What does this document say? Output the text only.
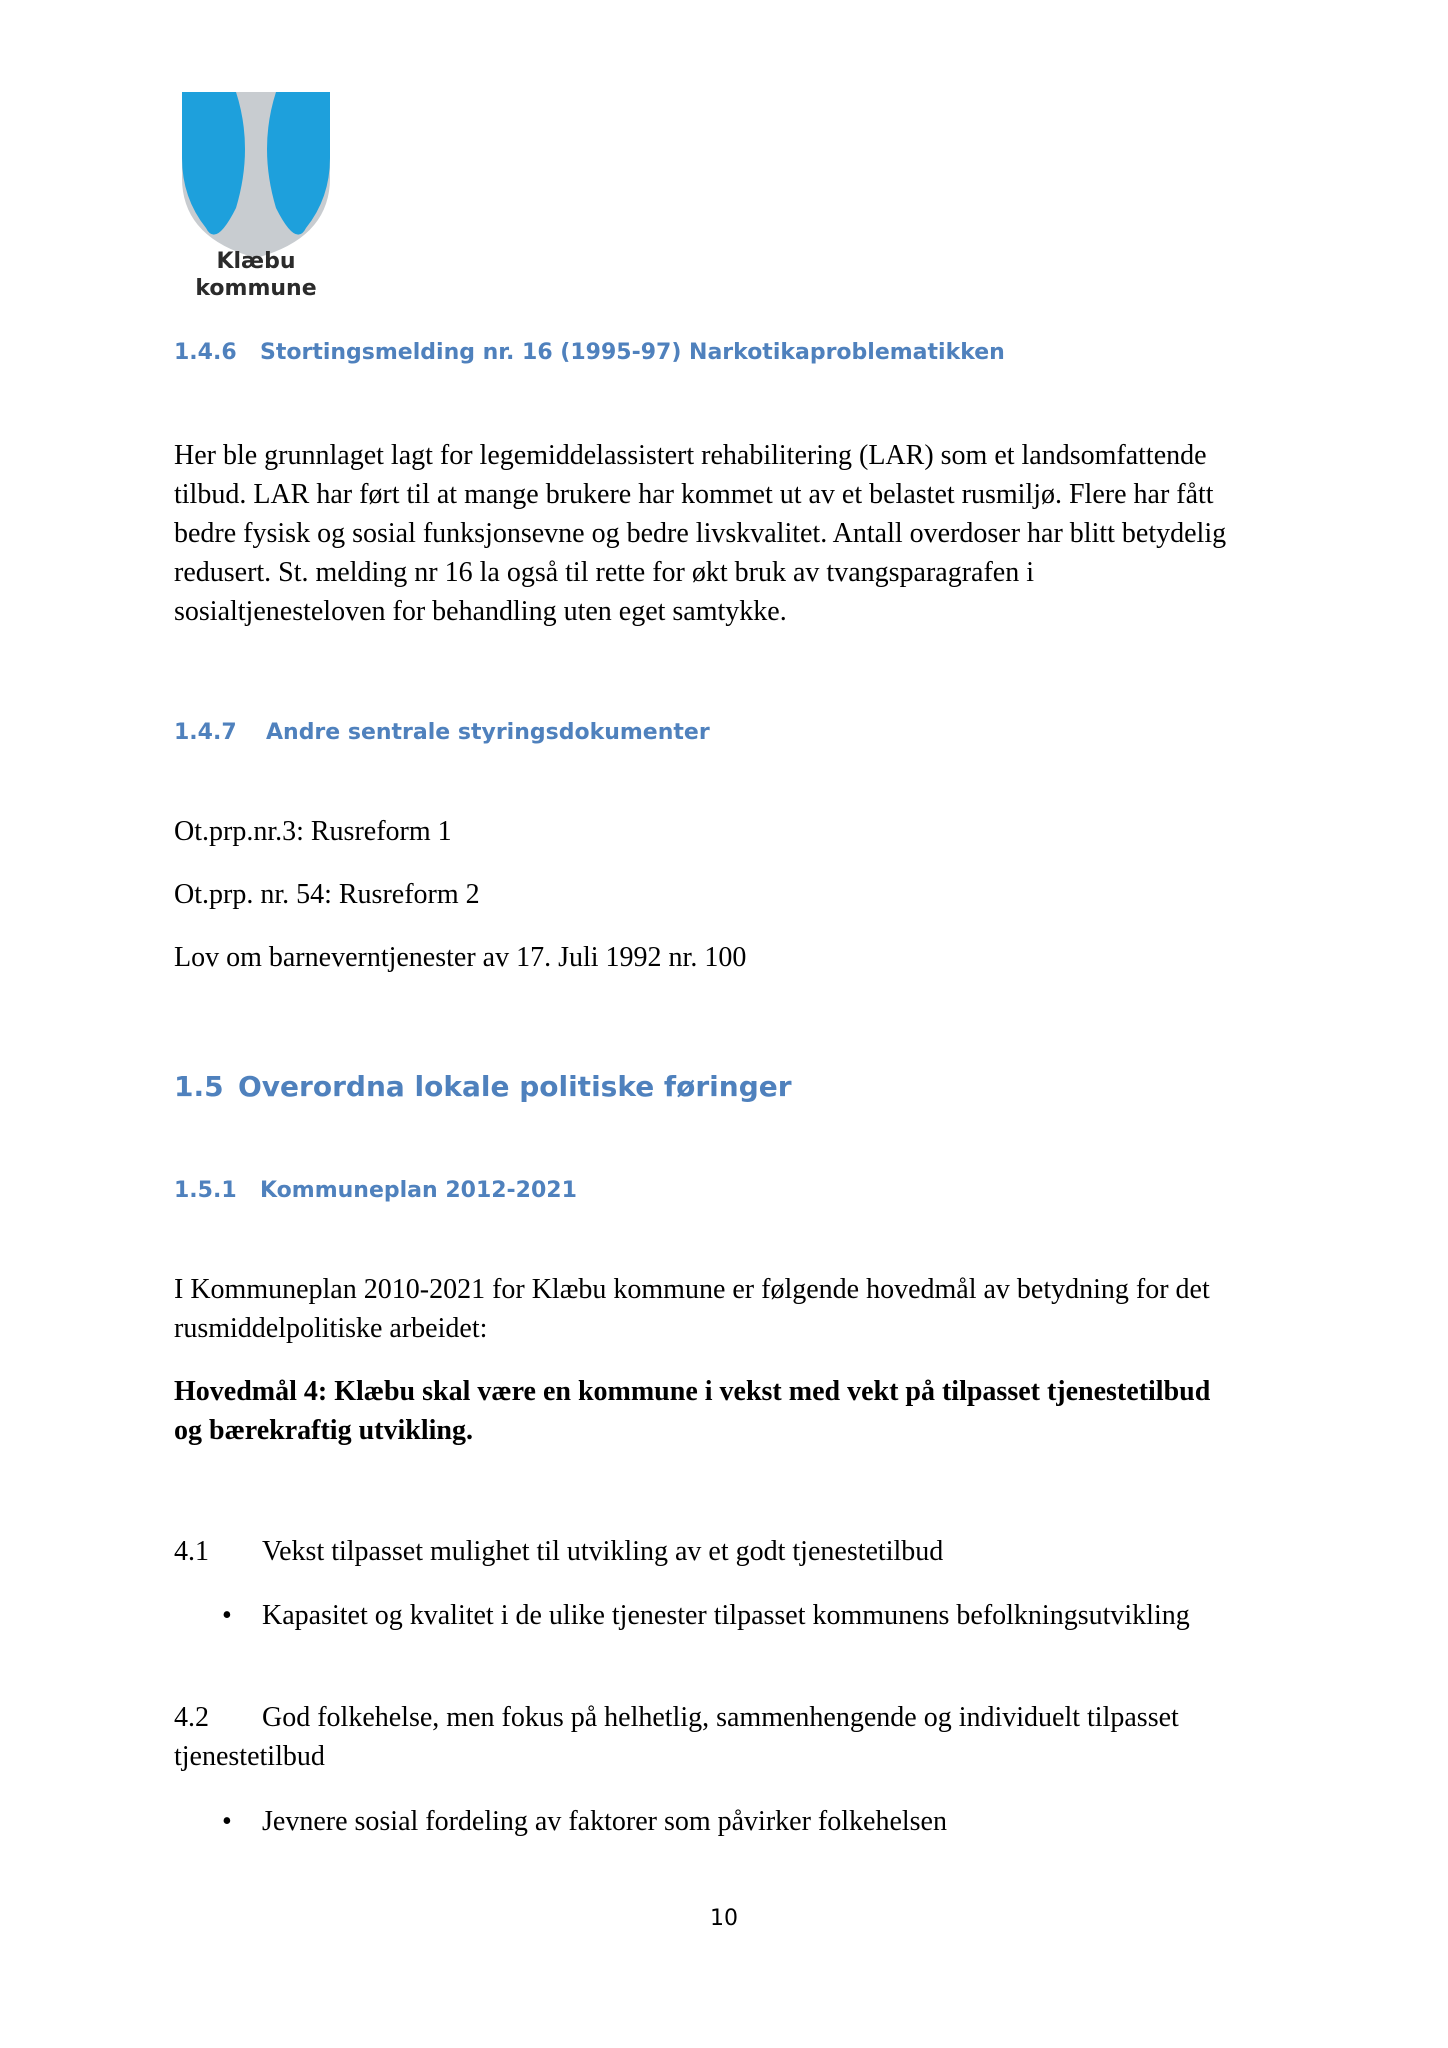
Klæbu
kommune
1.4.6 Stortingsmelding nr. 16 (1995-97) Narkotikaproblematikken
Her ble grunnlaget lagt for legemiddelassistert rehabilitering (LAR) som et landsomfattende
tilbud. LAR har ført til at mange brukere har kommet ut av et belastet rusmiljø. Flere har fått
bedre fysisk og sosial funksjonsevne og bedre livskvalitet. Antall overdoser har blitt betydelig
redusert. St. melding nr 16 la også til rette for økt bruk av tvangsparagrafen i
sosialtjenesteloven for behandling uten eget samtykke.
1.4.7 Andre sentrale styringsdokumenter
Ot.prp.nr.3: Rusreform 1
Ot.prp. nr. 54: Rusreform 2
Lov om barneverntjenester av 17. Juli 1992 nr. 100
1.5 Overordna lokale politiske føringer
1.5.1 Kommuneplan 2012-2021
I Kommuneplan 2010-2021 for Klæbu kommune er følgende hovedmål av betydning for det
rusmiddelpolitiske arbeidet:
Hovedmål 4: Klæbu skal være en kommune i vekst med vekt på tilpasset tjenestetilbud
og bærekraftig utvikling.
4.1 Vekst tilpasset mulighet til utvikling av et godt tjenestetilbud
• Kapasitet og kvalitet i de ulike tjenester tilpasset kommunens befolkningsutvikling
4.2 God folkehelse, men fokus på helhetlig, sammenhengende og individuelt tilpasset
tjenestetilbud
• Jevnere sosial fordeling av faktorer som påvirker folkehelsen
10
